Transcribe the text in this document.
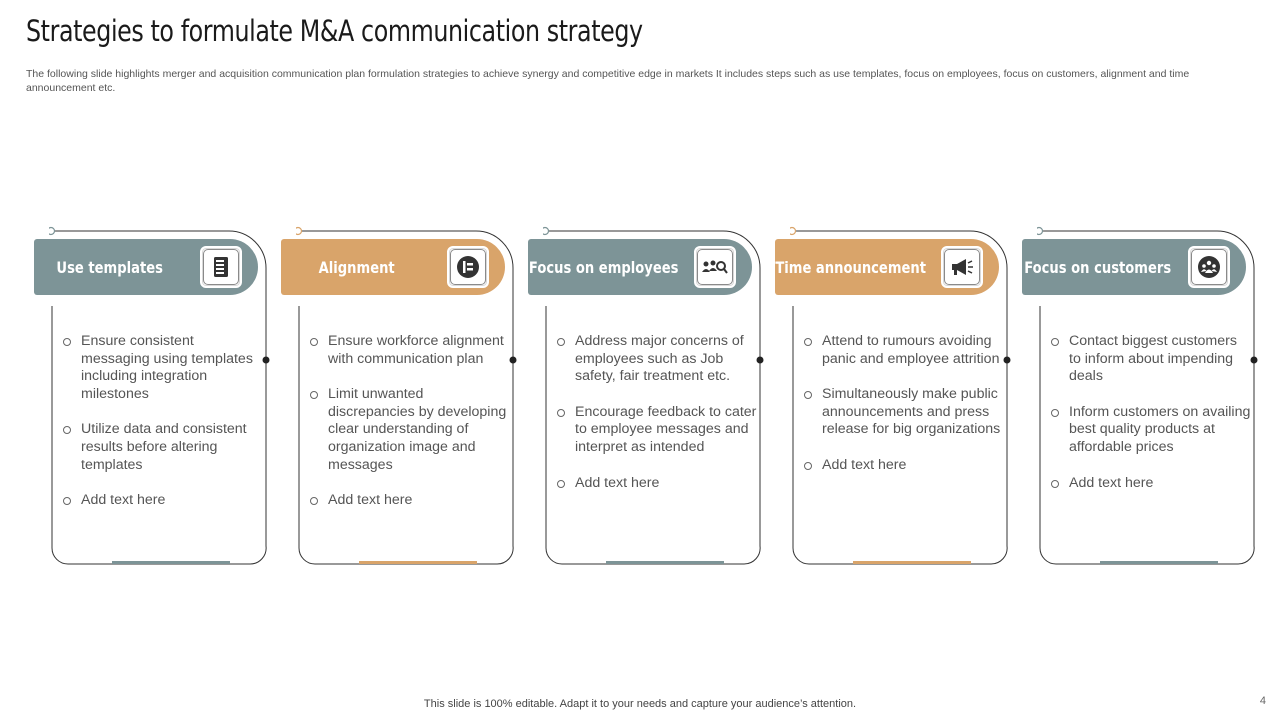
Strategies to formulate M&A communication strategy
The following slide highlights merger and acquisition communication plan formulation strategies to achieve synergy and competitive edge in markets It includes steps such as use templates, focus on employees, focus on customers, alignment and time announcement etc.
Use templates
Ensure consistent messaging using templates including integration milestones
Utilize data and consistent results before altering templates
Add text here
Alignment
Ensure workforce alignment with communication plan
Limit unwanted discrepancies by developing clear understanding of organization image and messages
Add text here
Focus on employees
Address major concerns of employees such as Job safety, fair treatment etc.
Encourage feedback to cater to employee messages and interpret as intended
Add text here
Time announcement
Attend to rumours avoiding panic and employee attrition
Simultaneously make public announcements and press release for big organizations
Add text here
Focus on customers
Contact biggest customers to inform about impending deals
Inform customers on availing best quality products at affordable prices
Add text here
This slide is 100% editable. Adapt it to your needs and capture your audience’s attention.	4
